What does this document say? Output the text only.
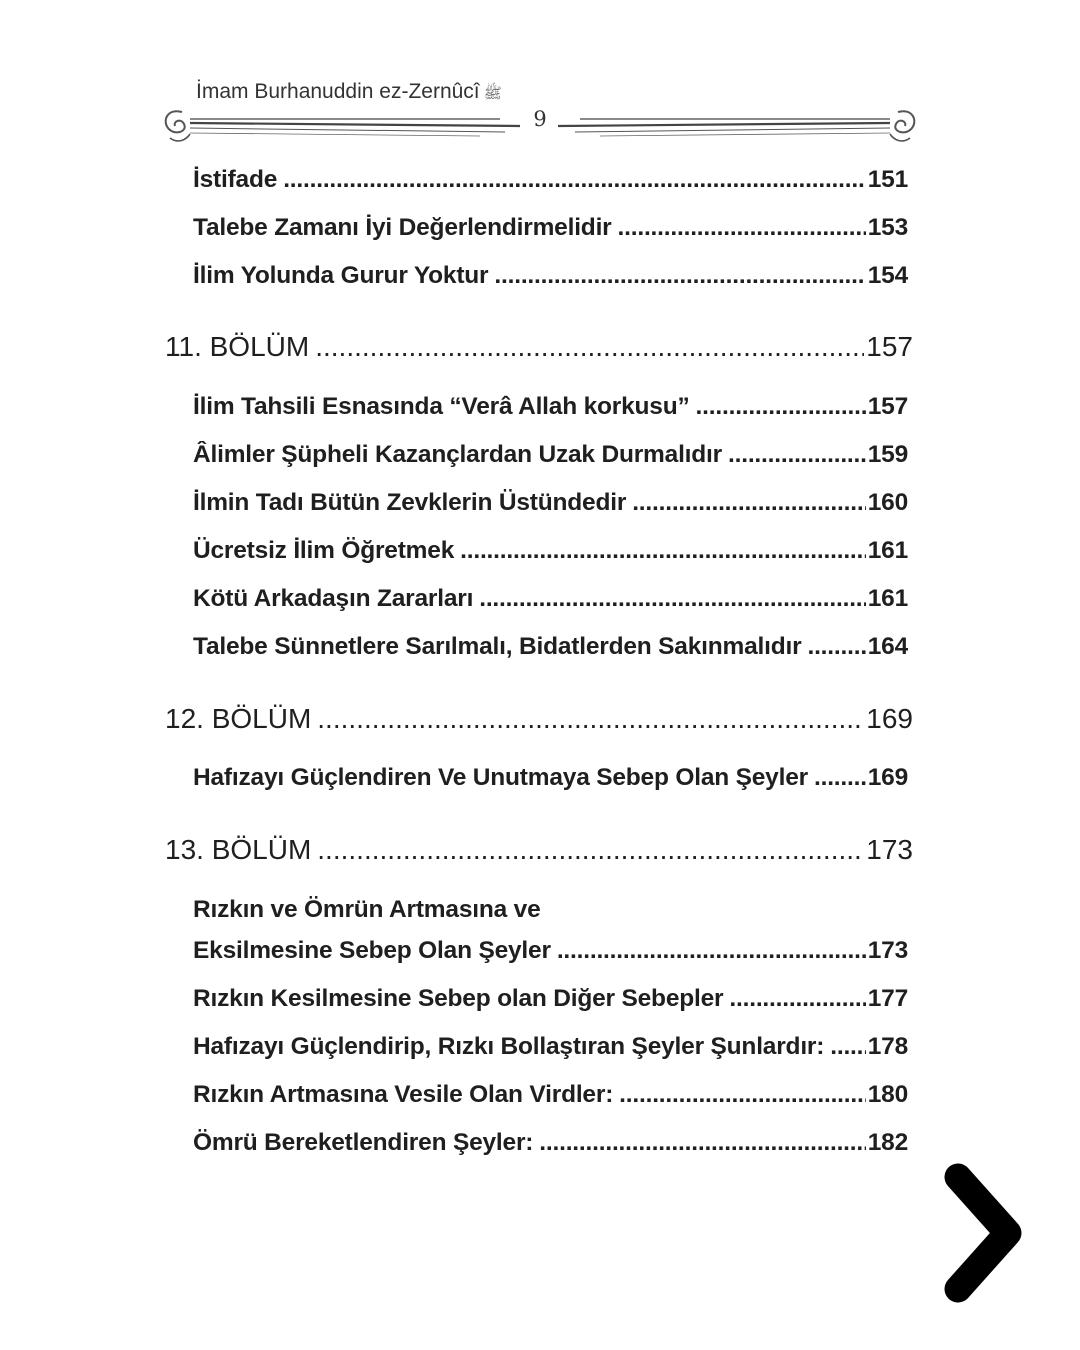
İmam Burhanuddin ez-Zernûcî ﷺ
9
İstifade .....	151
Talebe Zamanı İyi Değerlendirmelidir .....	153
İlim Yolunda Gurur Yoktur .....	154
11. BÖLÜM .....	157
İlim Tahsili Esnasında “Verâ Allah korkusu” .....	157
Âlimler Şüpheli Kazançlardan Uzak Durmalıdır .....	159
İlmin Tadı Bütün Zevklerin Üstündedir .....	160
Ücretsiz İlim Öğretmek .....	161
Kötü Arkadaşın Zararları .....	161
Talebe Sünnetlere Sarılmalı, Bidatlerden Sakınmalıdır .....	164
12. BÖLÜM .....	169
Hafızayı Güçlendiren Ve Unutmaya Sebep Olan Şeyler ..... 169
13. BÖLÜM .....	173
Rızkın ve Ömrün Artmasına ve
Eksilmesine Sebep Olan Şeyler .....	173
Rızkın Kesilmesine Sebep olan Diğer Sebepler .....	177
Hafızayı Güçlendirip, Rızkı Bollaştıran Şeyler Şunlardır: ..... 178
Rızkın Artmasına Vesile Olan Virdler: .....	180
Ömrü Bereketlendiren Şeyler: .....	182
